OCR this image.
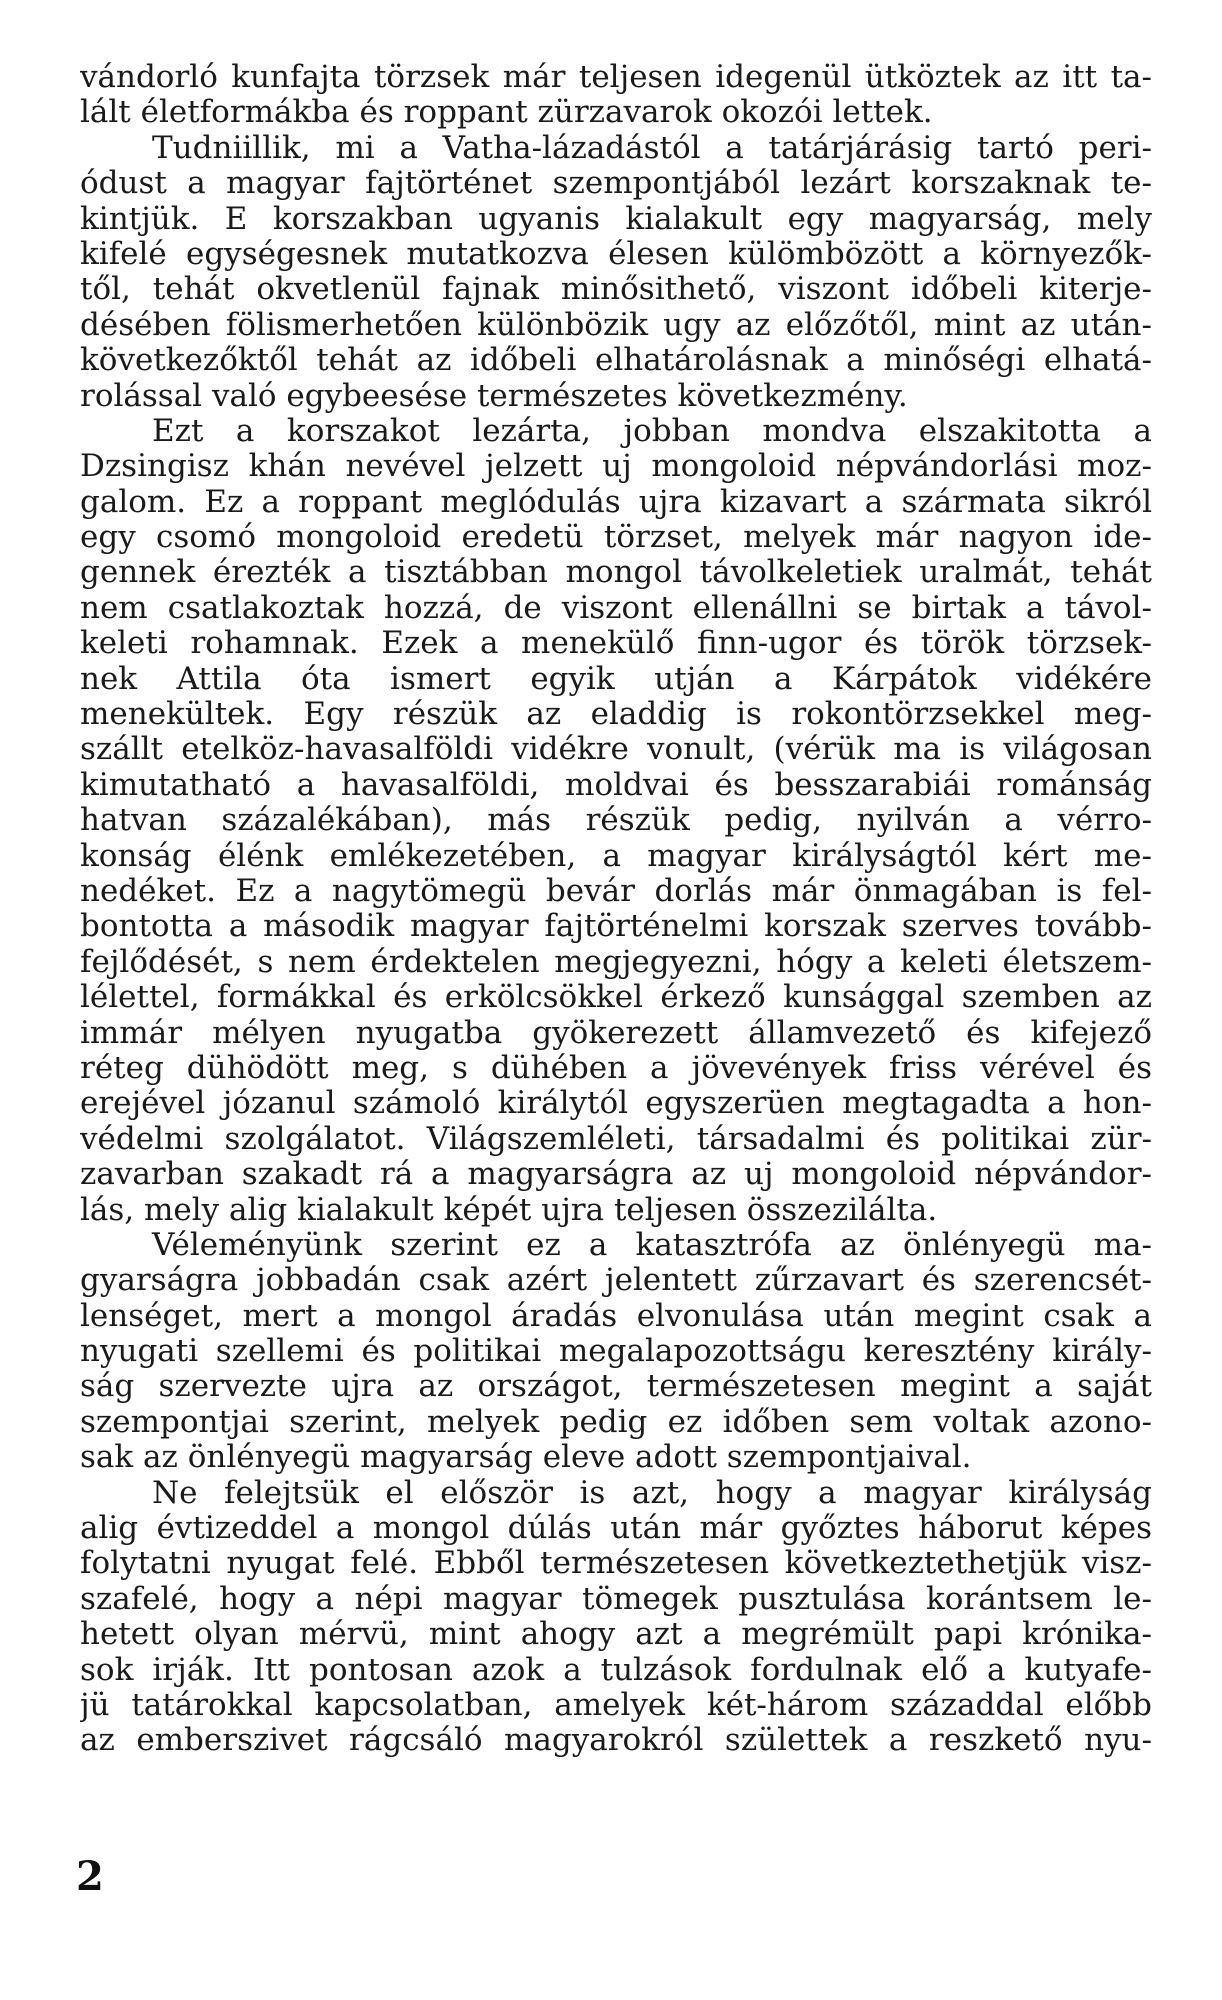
vándorló kunfajta törzsek már teljesen idegenül ütköztek az itt ta-
lált életformákba és roppant zürzavarok okozói lettek.
Tudniillik, mi a Vatha-lázadástól a tatárjárásig tartó peri-
ódust a magyar fajtörténet szempontjából lezárt korszaknak te-
kintjük. E korszakban ugyanis kialakult egy magyarság, mely
kifelé egységesnek mutatkozva élesen külömbözött a környezők-
től, tehát okvetlenül fajnak minősithető, viszont időbeli kiterje-
désében fölismerhetően különbözik ugy az előzőtől, mint az után-
következőktől tehát az időbeli elhatárolásnak a minőségi elhatá-
rolással való egybeesése természetes következmény.
Ezt a korszakot lezárta, jobban mondva elszakitotta a
Dzsingisz khán nevével jelzett uj mongoloid népvándorlási moz-
galom. Ez a roppant meglódulás ujra kizavart a szármata sikról
egy csomó mongoloid eredetü törzset, melyek már nagyon ide-
gennek érezték a tisztábban mongol távolkeletiek uralmát, tehát
nem csatlakoztak hozzá, de viszont ellenállni se birtak a távol-
keleti rohamnak. Ezek a menekülő finn-ugor és török törzsek-
nek Attila óta ismert egyik utján a Kárpátok vidékére
menekültek. Egy részük az eladdig is rokontörzsekkel meg-
szállt etelköz-havasalföldi vidékre vonult, (vérük ma is világosan
kimutatható a havasalföldi, moldvai és besszarabiái románság
hatvan százalékában), más részük pedig, nyilván a vérro-
konság élénk emlékezetében, a magyar királyságtól kért me-
nedéket. Ez a nagytömegü bevár dorlás már önmagában is fel-
bontotta a második magyar fajtörténelmi korszak szerves tovább-
fejlődését, s nem érdektelen megjegyezni, hógy a keleti életszem-
lélettel, formákkal és erkölcsökkel érkező kunsággal szemben az
immár mélyen nyugatba gyökerezett államvezető és kifejező
réteg dühödött meg, s dühében a jövevények friss vérével és
erejével józanul számoló királytól egyszerüen megtagadta a hon-
védelmi szolgálatot. Világszemléleti, társadalmi és politikai zür-
zavarban szakadt rá a magyarságra az uj mongoloid népvándor-
lás, mely alig kialakult képét ujra teljesen összezilálta.
Véleményünk szerint ez a katasztrófa az önlényegü ma-
gyarságra jobbadán csak azért jelentett zűrzavart és szerencsét-
lenséget, mert a mongol áradás elvonulása után megint csak a
nyugati szellemi és politikai megalapozottságu keresztény király-
ság szervezte ujra az országot, természetesen megint a saját
szempontjai szerint, melyek pedig ez időben sem voltak azono-
sak az önlényegü magyarság eleve adott szempontjaival.
Ne felejtsük el először is azt, hogy a magyar királyság
alig évtizeddel a mongol dúlás után már győztes háborut képes
folytatni nyugat felé. Ebből természetesen következtethetjük visz-
szafelé, hogy a népi magyar tömegek pusztulása korántsem le-
hetett olyan mérvü, mint ahogy azt a megrémült papi krónika-
sok irják. Itt pontosan azok a tulzások fordulnak elő a kutyafe-
jü tatárokkal kapcsolatban, amelyek két-három századdal előbb
az emberszivet rágcsáló magyarokról születtek a reszkető nyu-
2
